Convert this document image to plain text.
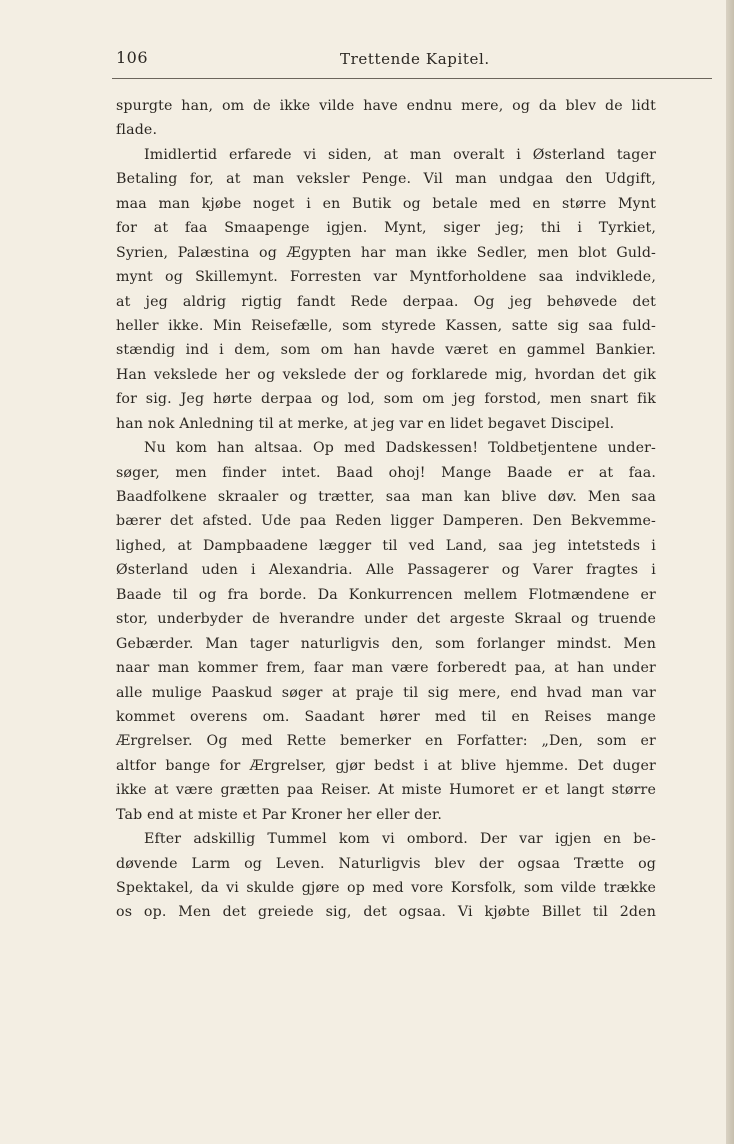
106	Trettende Kapitel.
spurgte han, om de ikke vilde have endnu mere, og da blev de lidt
flade.
Imidlertid erfarede vi siden, at man overalt i Østerland tager
Betaling for, at man veksler Penge. Vil man undgaa den Udgift,
maa man kjøbe noget i en Butik og betale med en større Mynt
for at faa Smaapenge igjen. Mynt, siger jeg; thi i Tyrkiet,
Syrien, Palæstina og Ægypten har man ikke Sedler, men blot Guld-
mynt og Skillemynt. Forresten var Myntforholdene saa indviklede,
at jeg aldrig rigtig fandt Rede derpaa. Og jeg behøvede det
heller ikke. Min Reisefælle, som styrede Kassen, satte sig saa fuld-
stændig ind i dem, som om han havde været en gammel Bankier.
Han vekslede her og vekslede der og forklarede mig, hvordan det gik
for sig. Jeg hørte derpaa og lod, som om jeg forstod, men snart fik
han nok Anledning til at merke, at jeg var en lidet begavet Discipel.
Nu kom han altsaa. Op med Dadskessen! Toldbetjentene under-
søger, men finder intet. Baad ohoj! Mange Baade er at faa.
Baadfolkene skraaler og trætter, saa man kan blive døv. Men saa
bærer det afsted. Ude paa Reden ligger Damperen. Den Bekvemme-
lighed, at Dampbaadene lægger til ved Land, saa jeg intetsteds i
Østerland uden i Alexandria. Alle Passagerer og Varer fragtes i
Baade til og fra borde. Da Konkurrencen mellem Flotmændene er
stor, underbyder de hverandre under det argeste Skraal og truende
Gebærder. Man tager naturligvis den, som forlanger mindst. Men
naar man kommer frem, faar man være forberedt paa, at han under
alle mulige Paaskud søger at praje til sig mere, end hvad man var
kommet overens om. Saadant hører med til en Reises mange
Ærgrelser. Og med Rette bemerker en Forfatter: „Den, som er
altfor bange for Ærgrelser, gjør bedst i at blive hjemme. Det duger
ikke at være grætten paa Reiser. At miste Humoret er et langt større
Tab end at miste et Par Kroner her eller der.
Efter adskillig Tummel kom vi ombord. Der var igjen en be-
døvende Larm og Leven. Naturligvis blev der ogsaa Trætte og
Spektakel, da vi skulde gjøre op med vore Korsfolk, som vilde trække
os op. Men det greiede sig, det ogsaa. Vi kjøbte Billet til 2den
